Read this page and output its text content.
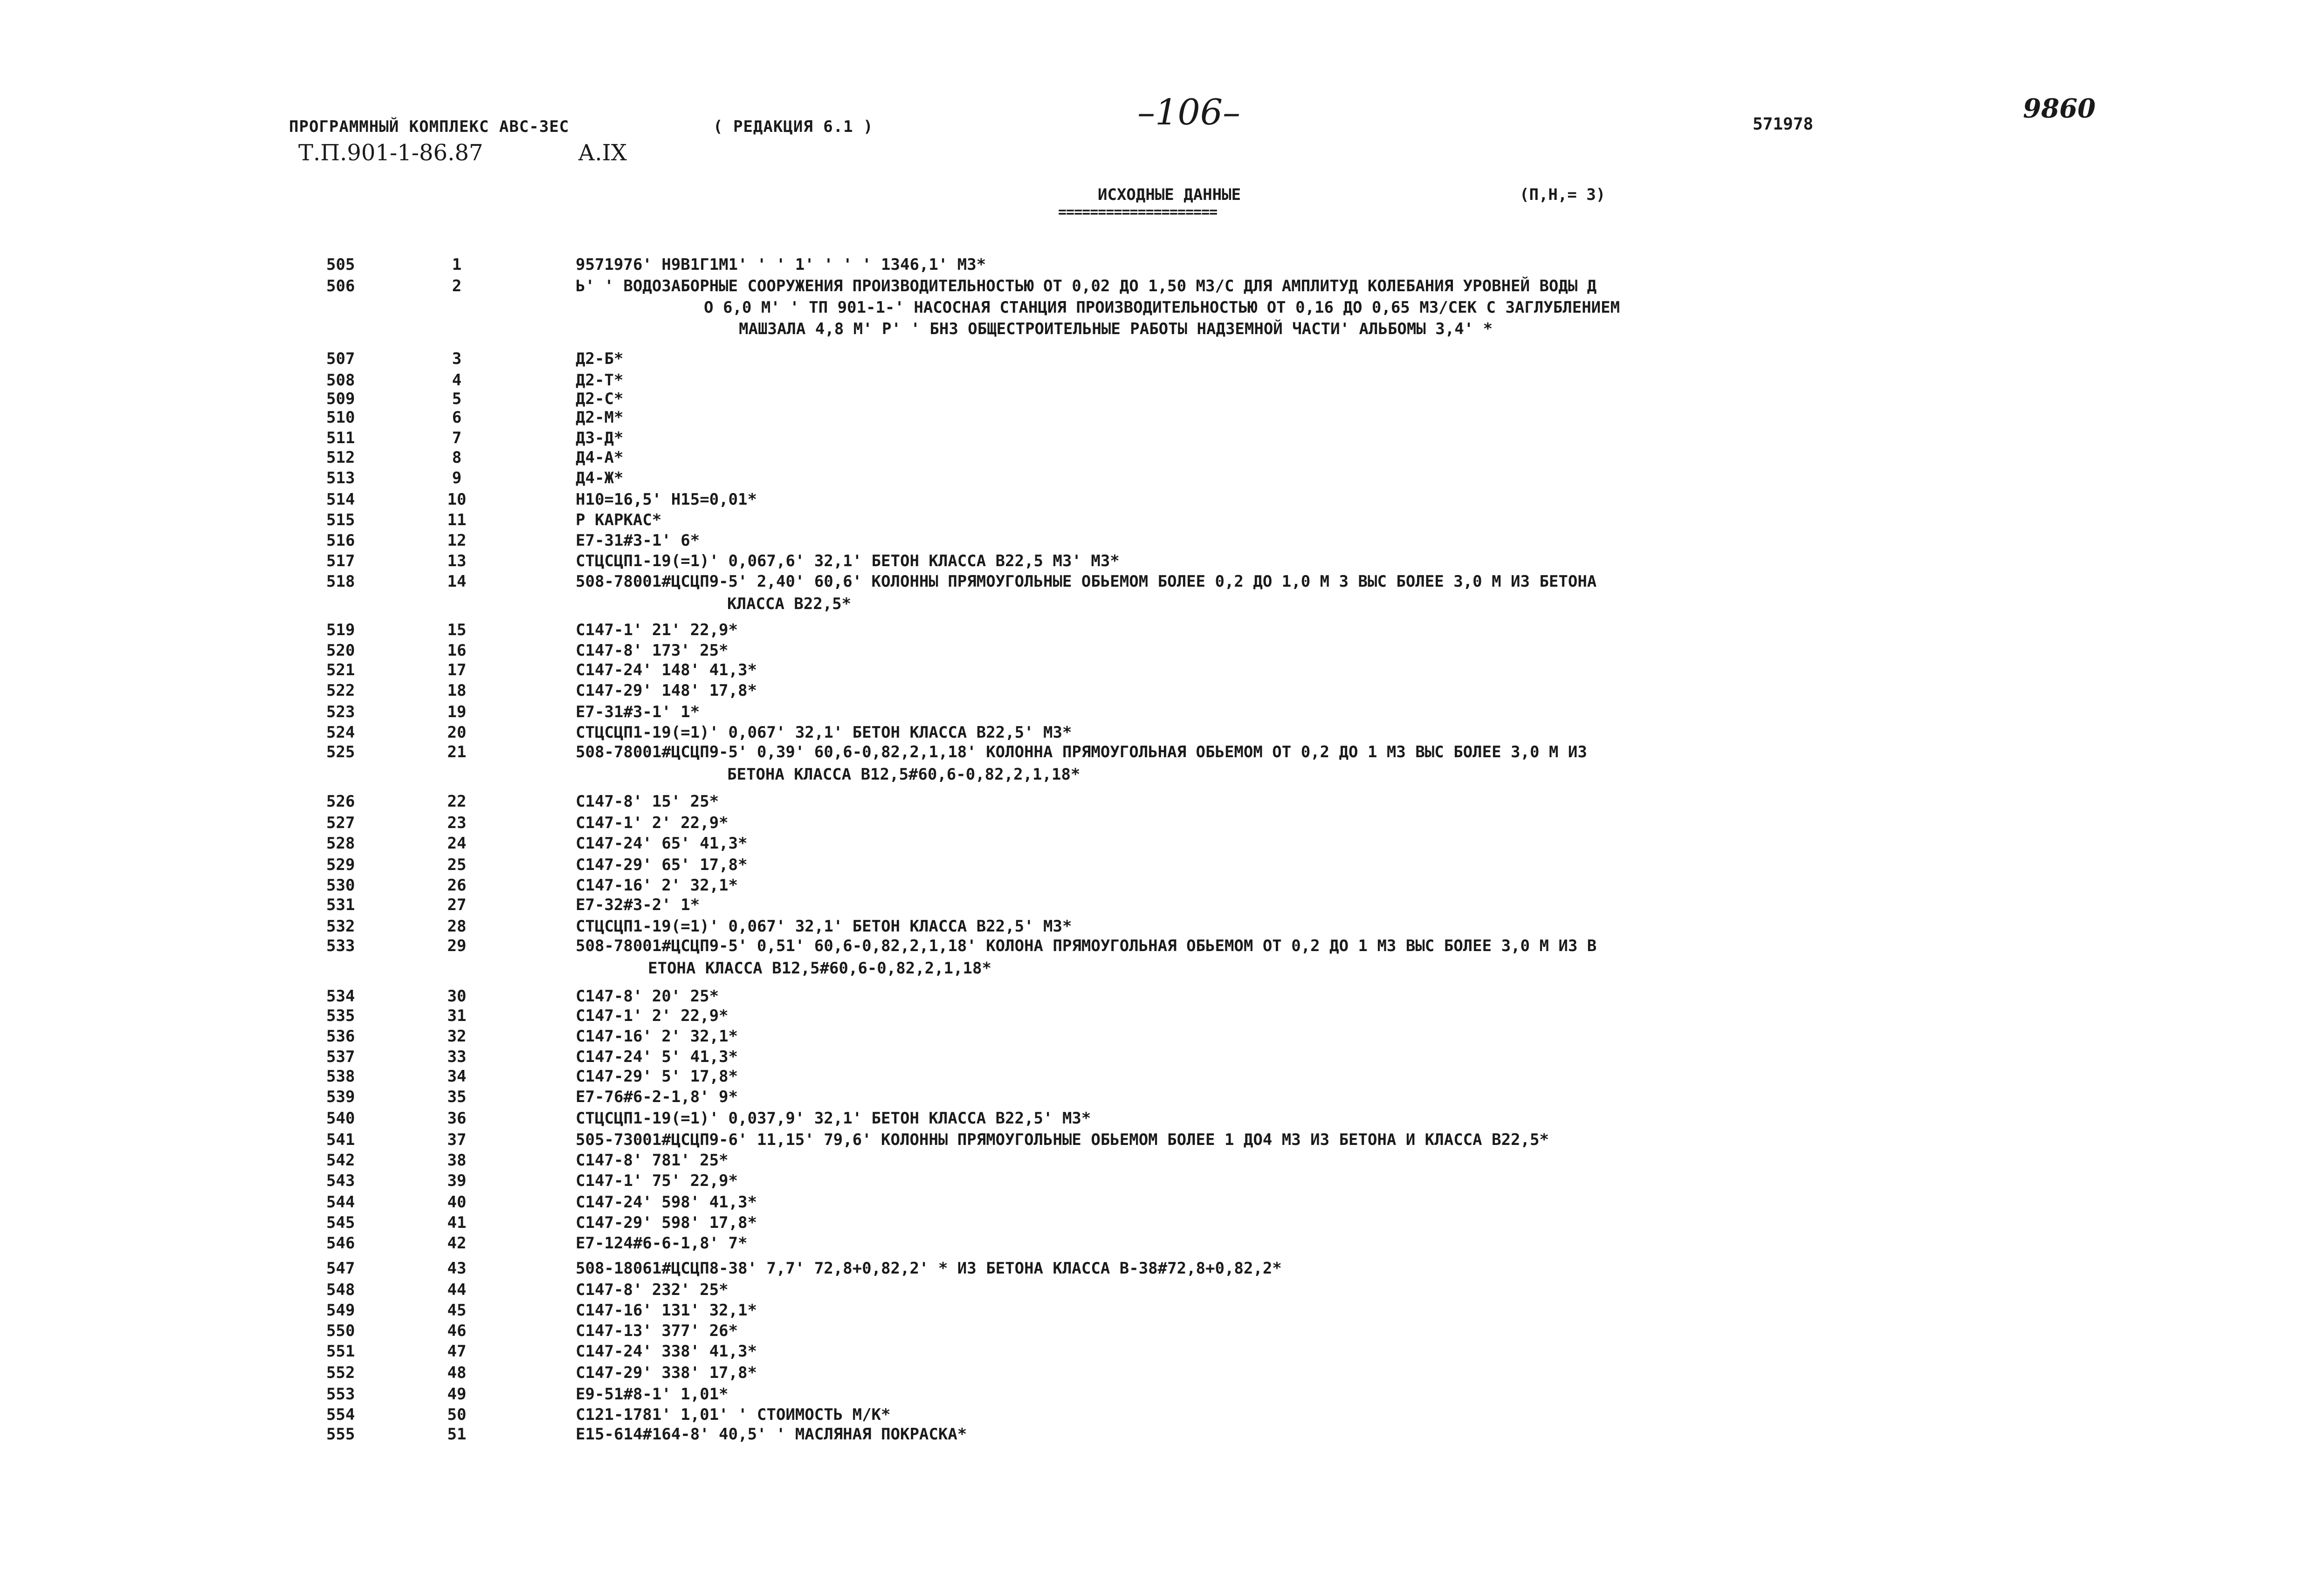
ПРОГРАММНЫЙ КОМПЛЕКС АВС-3ЕС	( РЕДАКЦИЯ 6.1 )
Т.П.901-1-86.87	А.IX
–106–	571978
9860
ИСХОДНЫЕ ДАННЫЕ
====================
(П,Н,= 3)
505	1	9571976' Н9В1Г1М1' ' ' 1' ' ' ' 1346,1' М3*
506	2	Ь' ' ВОДОЗАБОРНЫЕ СООРУЖЕНИЯ ПРОИЗВОДИТЕЛЬНОСТЬЮ ОТ 0,02 ДО 1,50 М3/С ДЛЯ АМПЛИТУД КОЛЕБАНИЯ УРОВНЕЙ ВОДЫ Д
О 6,0 М' ' ТП 901-1-' НАСОСНАЯ СТАНЦИЯ ПРОИЗВОДИТЕЛЬНОСТЬЮ ОТ 0,16 ДО 0,65 М3/СЕК С ЗАГЛУБЛЕНИЕМ
МАШЗАЛА 4,8 М' Р' ' БНЗ ОБЩЕСТРОИТЕЛЬНЫЕ РАБОТЫ НАДЗЕМНОЙ ЧАСТИ' АЛЬБОМЫ 3,4' *
507	3	Д2-Б*
508	4	Д2-Т*
509	5	Д2-С*
510	6	Д2-М*
511	7	Д3-Д*
512	8	Д4-А*
513	9	Д4-Ж*
514	10	Н10=16,5' Н15=0,01*
515	11	Р КАРКАС*
516	12	Е7-31#3-1' 6*
517	13	СТЦСЦП1-19(=1)' 0,067,6' 32,1' БЕТОН КЛАССА В22,5 М3' М3*
518	14	508-78001#ЦСЦП9-5' 2,40' 60,6' КОЛОННЫ ПРЯМОУГОЛЬНЫЕ ОБЬЕМОМ БОЛЕЕ 0,2 ДО 1,0 М 3 ВЫС БОЛЕЕ 3,0 М ИЗ БЕТОНА
КЛАССА В22,5*
519	15	С147-1' 21' 22,9*
520	16	С147-8' 173' 25*
521	17	С147-24' 148' 41,3*
522	18	С147-29' 148' 17,8*
523	19	Е7-31#3-1' 1*
524	20	СТЦСЦП1-19(=1)' 0,067' 32,1' БЕТОН КЛАССА В22,5' М3*
525	21	508-78001#ЦСЦП9-5' 0,39' 60,6-0,82,2,1,18' КОЛОННА ПРЯМОУГОЛЬНАЯ ОБЬЕМОМ ОТ 0,2 ДО 1 М3 ВЫС БОЛЕЕ 3,0 М ИЗ
БЕТОНА КЛАССА В12,5#60,6-0,82,2,1,18*
526	22	С147-8' 15' 25*
527	23	С147-1' 2' 22,9*
528	24	С147-24' 65' 41,3*
529	25	С147-29' 65' 17,8*
530	26	С147-16' 2' 32,1*
531	27	Е7-32#3-2' 1*
532	28	СТЦСЦП1-19(=1)' 0,067' 32,1' БЕТОН КЛАССА В22,5' М3*
533	29	508-78001#ЦСЦП9-5' 0,51' 60,6-0,82,2,1,18' КОЛОНА ПРЯМОУГОЛЬНАЯ ОБЬЕМОМ ОТ 0,2 ДО 1 М3 ВЫС БОЛЕЕ 3,0 М ИЗ В
ЕТОНА КЛАССА В12,5#60,6-0,82,2,1,18*
534	30	С147-8' 20' 25*
535	31	С147-1' 2' 22,9*
536	32	С147-16' 2' 32,1*
537	33	С147-24' 5' 41,3*
538	34	С147-29' 5' 17,8*
539	35	Е7-76#6-2-1,8' 9*
540	36	СТЦСЦП1-19(=1)' 0,037,9' 32,1' БЕТОН КЛАССА В22,5' М3*
541	37	505-73001#ЦСЦП9-6' 11,15' 79,6' КОЛОННЫ ПРЯМОУГОЛЬНЫЕ ОБЬЕМОМ БОЛЕЕ 1 ДО4 М3 ИЗ БЕТОНА И КЛАССА В22,5*
542	38	С147-8' 781' 25*
543	39	С147-1' 75' 22,9*
544	40	С147-24' 598' 41,3*
545	41	С147-29' 598' 17,8*
546	42	Е7-124#6-6-1,8' 7*
547	43	508-18061#ЦСЦП8-38' 7,7' 72,8+0,82,2' * ИЗ БЕТОНА КЛАССА В-38#72,8+0,82,2*
548	44	С147-8' 232' 25*
549	45	С147-16' 131' 32,1*
550	46	С147-13' 377' 26*
551	47	С147-24' 338' 41,3*
552	48	С147-29' 338' 17,8*
553	49	Е9-51#8-1' 1,01*
554	50	С121-1781' 1,01' ' СТОИМОСТЬ М/К*
555	51	Е15-614#164-8' 40,5' ' МАСЛЯНАЯ ПОКРАСКА*
